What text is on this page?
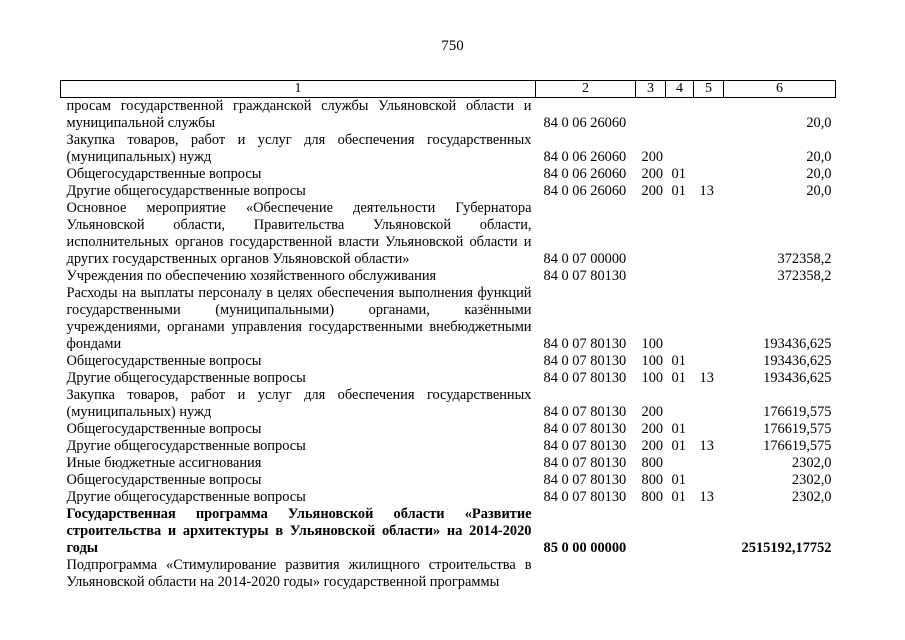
750
1	2	3	4	5	6
просам государственной гражданской службы Ульяновской области и муниципальной службы	84 0 06 26060				20,0
Закупка товаров, работ и услуг для обеспечения государственных (муниципальных) нужд	84 0 06 26060	200			20,0
Общегосударственные вопросы	84 0 06 26060	200	01		20,0
Другие общегосударственные вопросы	84 0 06 26060	200	01	13	20,0
Основное мероприятие «Обеспечение деятельности Губернатора Ульяновской области, Правительства Ульяновской области, исполнительных органов государственной власти Ульяновской области и других государственных органов Ульяновской области»	84 0 07 00000				372358,2
Учреждения по обеспечению хозяйственного обслуживания	84 0 07 80130				372358,2
Расходы на выплаты персоналу в целях обеспечения выполнения функций государственными (муниципальными) органами, казёнными учреждениями, органами управления государственными внебюджетными фондами	84 0 07 80130	100			193436,625
Общегосударственные вопросы	84 0 07 80130	100	01		193436,625
Другие общегосударственные вопросы	84 0 07 80130	100	01	13	193436,625
Закупка товаров, работ и услуг для обеспечения государственных (муниципальных) нужд	84 0 07 80130	200			176619,575
Общегосударственные вопросы	84 0 07 80130	200	01		176619,575
Другие общегосударственные вопросы	84 0 07 80130	200	01	13	176619,575
Иные бюджетные ассигнования	84 0 07 80130	800			2302,0
Общегосударственные вопросы	84 0 07 80130	800	01		2302,0
Другие общегосударственные вопросы	84 0 07 80130	800	01	13	2302,0
Государственная программа Ульяновской области «Развитие строительства и архитектуры в Ульяновской области» на 2014-2020 годы	85 0 00 00000				2515192,17752
Подпрограмма «Стимулирование развития жилищного строительства в Ульяновской области на 2014-2020 годы» государственной программы					
